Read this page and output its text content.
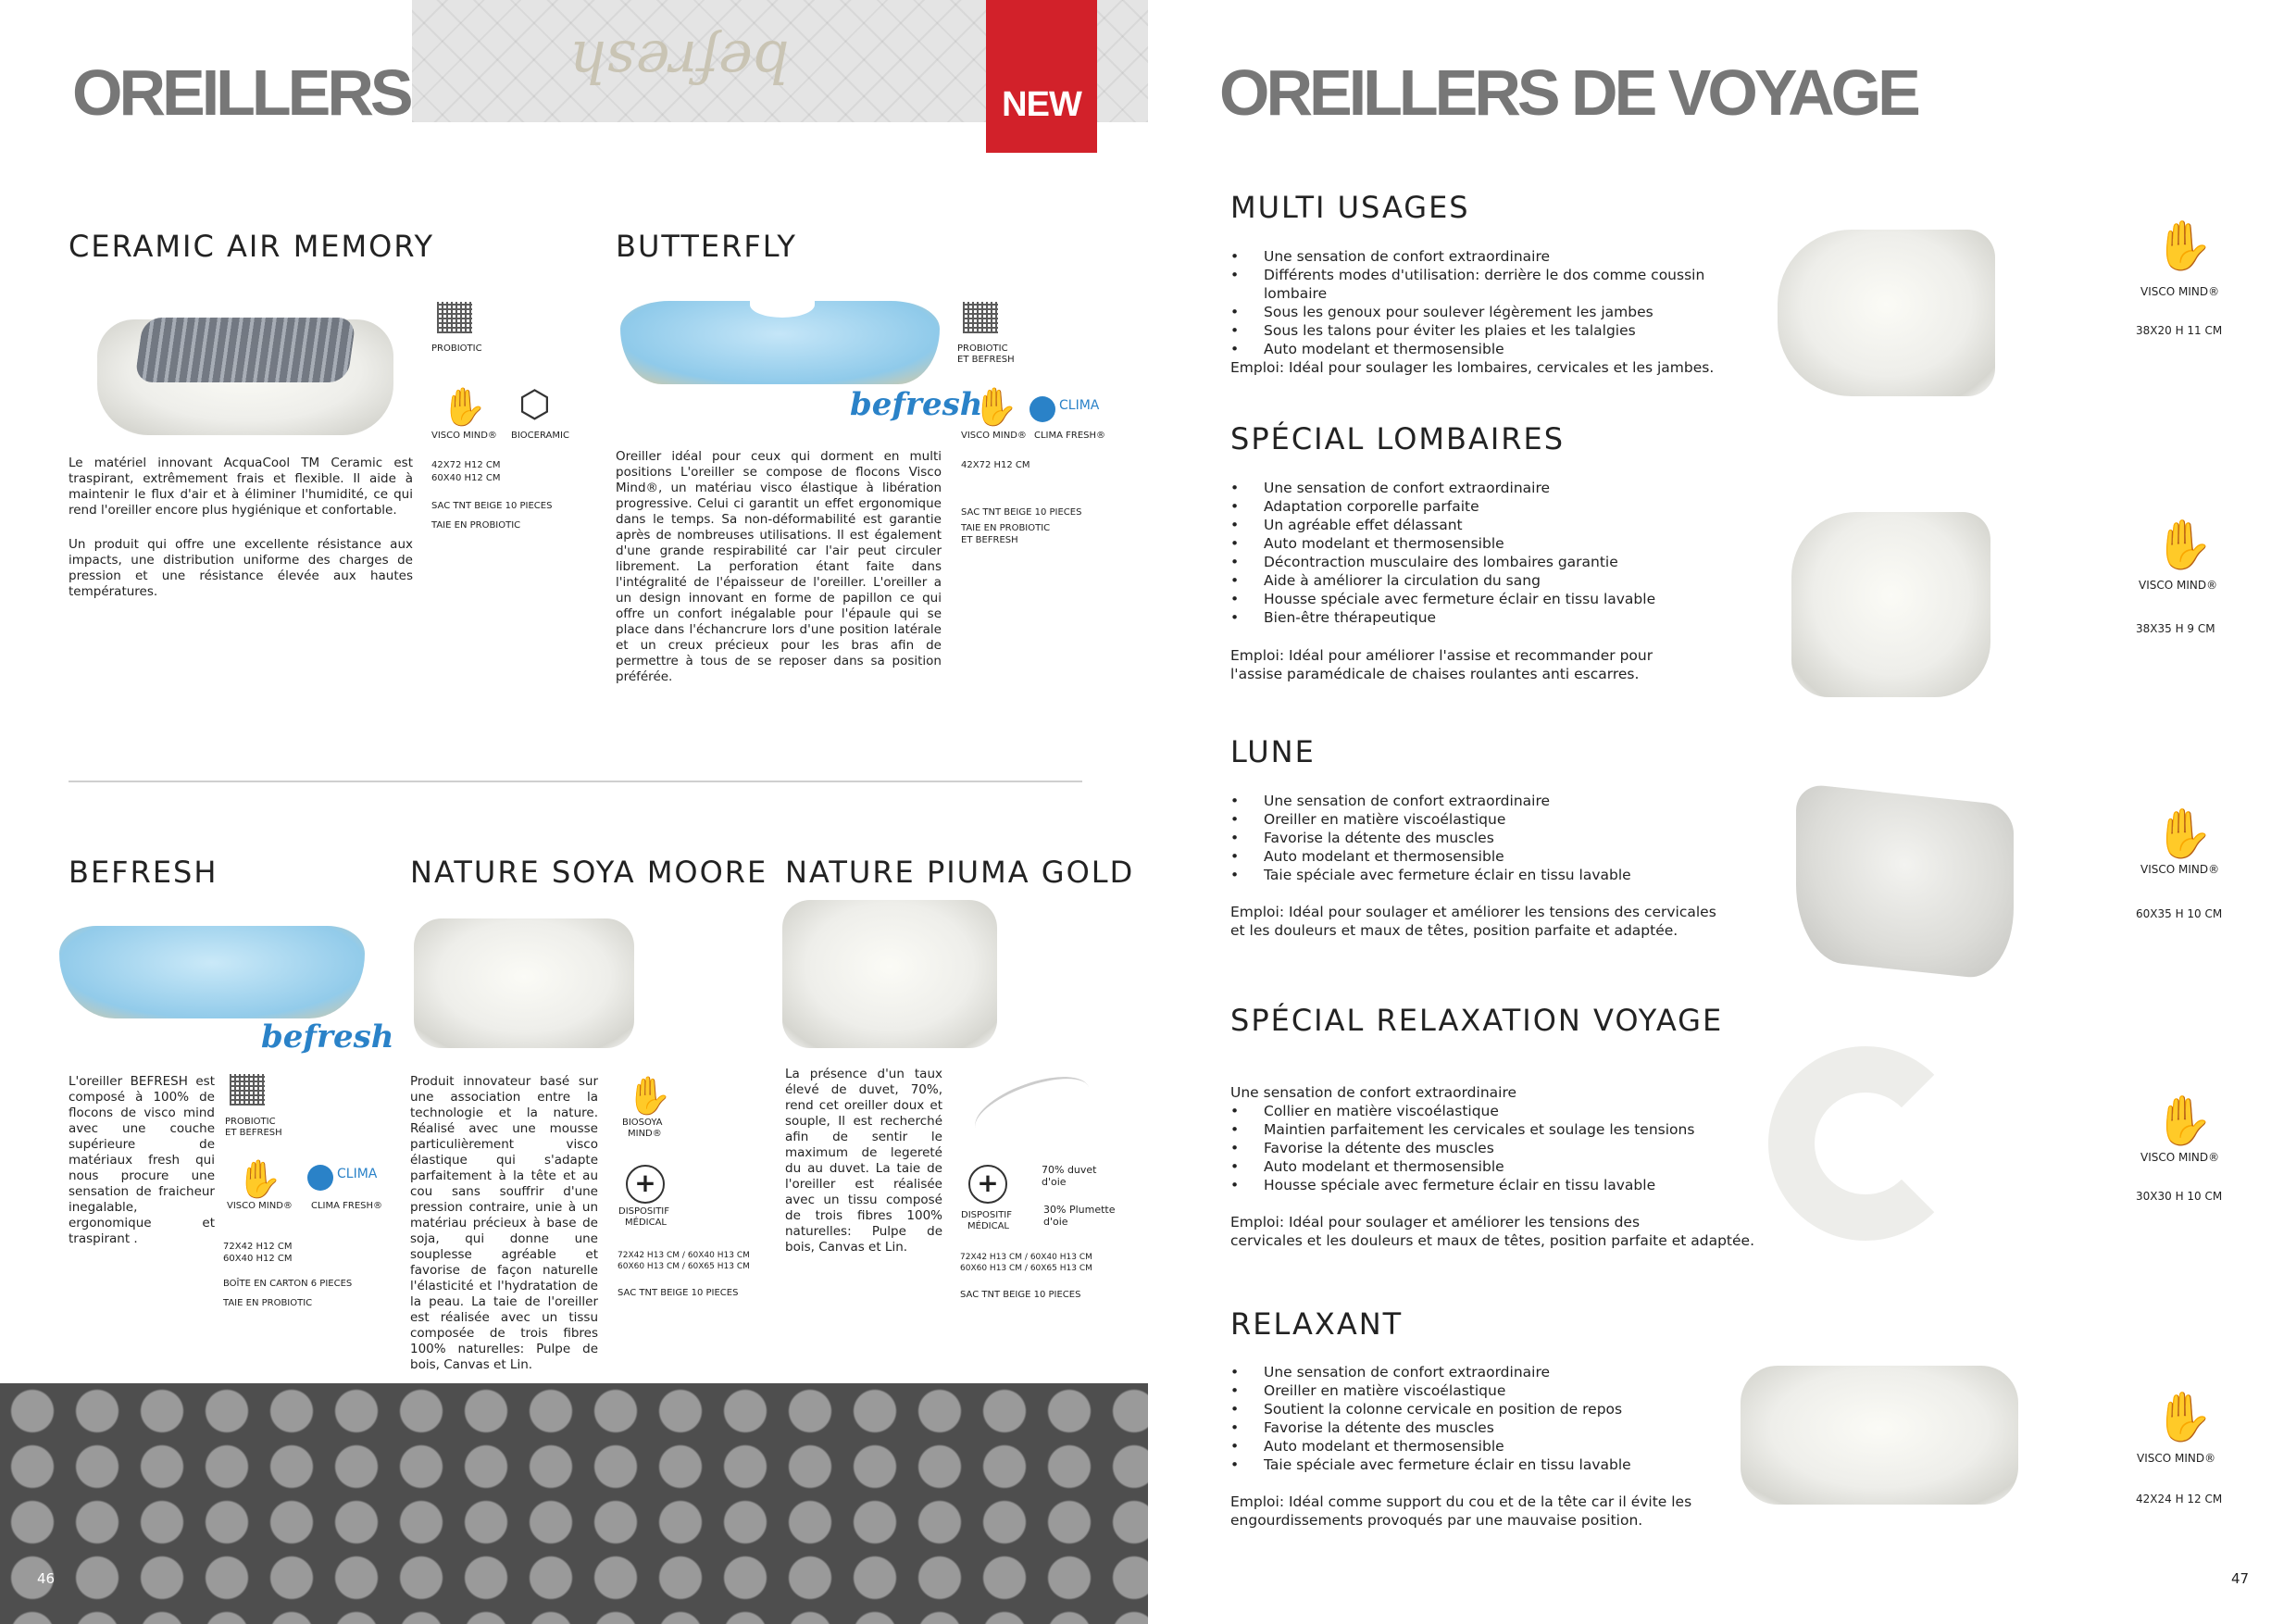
OREILLERS	befresh
NEW
CERAMIC AIR MEMORY
Le matériel innovant AcquaCool TM Ceramic est traspirant, extrêmement frais et flexible. Il aide à maintenir le flux d'air et à éliminer l'humidité, ce qui rend l'oreiller encore plus hygiénique et confortable.
Un produit qui offre une excellente résistance aux impacts, une distribution uniforme des charges de pression et une résistance élevée aux hautes températures.
PROBIOTIC
✋ ⬡
VISCO MIND® BIOCERAMIC
42X72 H12 CM
60X40 H12 CM
SAC TNT BEIGE 10 PIECES
TAIE EN PROBIOTIC
BUTTERFLY
befresh
Oreiller idéal pour ceux qui dorment en multi positions L'oreiller se compose de flocons Visco Mind®, un matériau visco élastique à libération progressive. Celui ci garantit un effet ergonomique dans le temps. Sa non-déformabilité est garantie après de nombreuses utilisations. Il est également d'une grande respirabilité car l'air peut circuler librement. La perforation étant faite dans l'intégralité de l'épaisseur de l'oreiller. L'oreiller a un design innovant en forme de papillon ce qui offre un confort inégalable pour l'épaule qui se place dans l'échancrure lors d'une position latérale et un creux précieux pour les bras afin de permettre à tous de se reposer dans sa position préférée.
PROBIOTIC
ET BEFRESH
✋	CLIMA
VISCO MIND® CLIMA FRESH®
42X72 H12 CM
SAC TNT BEIGE 10 PIECES
TAIE EN PROBIOTIC
ET BEFRESH
BEFRESH
befresh
L'oreiller BEFRESH est composé à 100% de flocons de visco mind avec une couche supérieure de matériaux fresh qui nous procure une sensation de fraicheur inegalable, ergonomique et traspirant .
PROBIOTIC
ET BEFRESH
✋	CLIMA
VISCO MIND® CLIMA FRESH®
72X42 H12 CM
60X40 H12 CM
BOÎTE EN CARTON 6 PIECES
TAIE EN PROBIOTIC
NATURE SOYA MOORE
Produit innovateur basé sur une association entre la technologie et la nature. Réalisé avec une mousse particulièrement visco élastique qui s'adapte parfaitement à la tête et au cou sans souffrir d'une pression contraire, unie à un matériau précieux à base de soja, qui donne une souplesse agréable et favorise de façon naturelle l'élasticité et l'hydratation de la peau. La taie de l'oreiller est réalisée avec un tissu composée de trois fibres 100% naturelles: Pulpe de bois, Canvas et Lin.
✋
BIOSOYA
MIND®
+
DISPOSITIF
MÉDICAL
72X42 H13 CM / 60X40 H13 CM
60X60 H13 CM / 60X65 H13 CM
SAC TNT BEIGE 10 PIECES
NATURE PIUMA GOLD
La présence d'un taux élevé de duvet, 70%, rend cet oreiller doux et souple, Il est recherché afin de sentir le maximum de legereté du au duvet. La taie de l'oreiller est réalisée avec un tissu composé de trois fibres 100% naturelles: Pulpe de bois, Canvas et Lin.
+
DISPOSITIF
MÉDICAL
70% duvet
d'oie
30% Plumette
d'oie
72X42 H13 CM / 60X40 H13 CM
60X60 H13 CM / 60X65 H13 CM
SAC TNT BEIGE 10 PIECES
46
OREILLERS DE VOYAGE
MULTI USAGES
• Une sensation de confort extraordinaire
• Différents modes d'utilisation: derrière le dos comme coussin lombaire
• Sous les genoux pour soulever légèrement les jambes
• Sous les talons pour éviter les plaies et les talalgies
• Auto modelant et thermosensible
Emploi: Idéal pour soulager les lombaires, cervicales et les jambes.
✋
VISCO MIND®
38X20 H 11 CM
SPÉCIAL LOMBAIRES
• Une sensation de confort extraordinaire
• Adaptation corporelle parfaite
• Un agréable effet délassant
• Auto modelant et thermosensible
• Décontraction musculaire des lombaires garantie
• Aide à améliorer la circulation du sang
• Housse spéciale avec fermeture éclair en tissu lavable
• Bien-être thérapeutique
Emploi: Idéal pour améliorer l'assise et recommander pour
l'assise paramédicale de chaises roulantes anti escarres.
✋
VISCO MIND®
38X35 H 9 CM
LUNE
• Une sensation de confort extraordinaire
• Oreiller en matière viscoélastique
• Favorise la détente des muscles
• Auto modelant et thermosensible
• Taie spéciale avec fermeture éclair en tissu lavable
Emploi: Idéal pour soulager et améliorer les tensions des cervicales
et les douleurs et maux de têtes, position parfaite et adaptée.
✋
VISCO MIND®
60X35 H 10 CM
SPÉCIAL RELAXATION VOYAGE
Une sensation de confort extraordinaire
• Collier en matière viscoélastique
• Maintien parfaitement les cervicales et soulage les tensions
• Favorise la détente des muscles
• Auto modelant et thermosensible
• Housse spéciale avec fermeture éclair en tissu lavable
Emploi: Idéal pour soulager et améliorer les tensions des
cervicales et les douleurs et maux de têtes, position parfaite et adaptée.
✋
VISCO MIND®
30X30 H 10 CM
RELAXANT
• Une sensation de confort extraordinaire
• Oreiller en matière viscoélastique
• Soutient la colonne cervicale en position de repos
• Favorise la détente des muscles
• Auto modelant et thermosensible
• Taie spéciale avec fermeture éclair en tissu lavable
Emploi: Idéal comme support du cou et de la tête car il évite les
engourdissements provoqués par une mauvaise position.
✋
VISCO MIND®
42X24 H 12 CM
47
